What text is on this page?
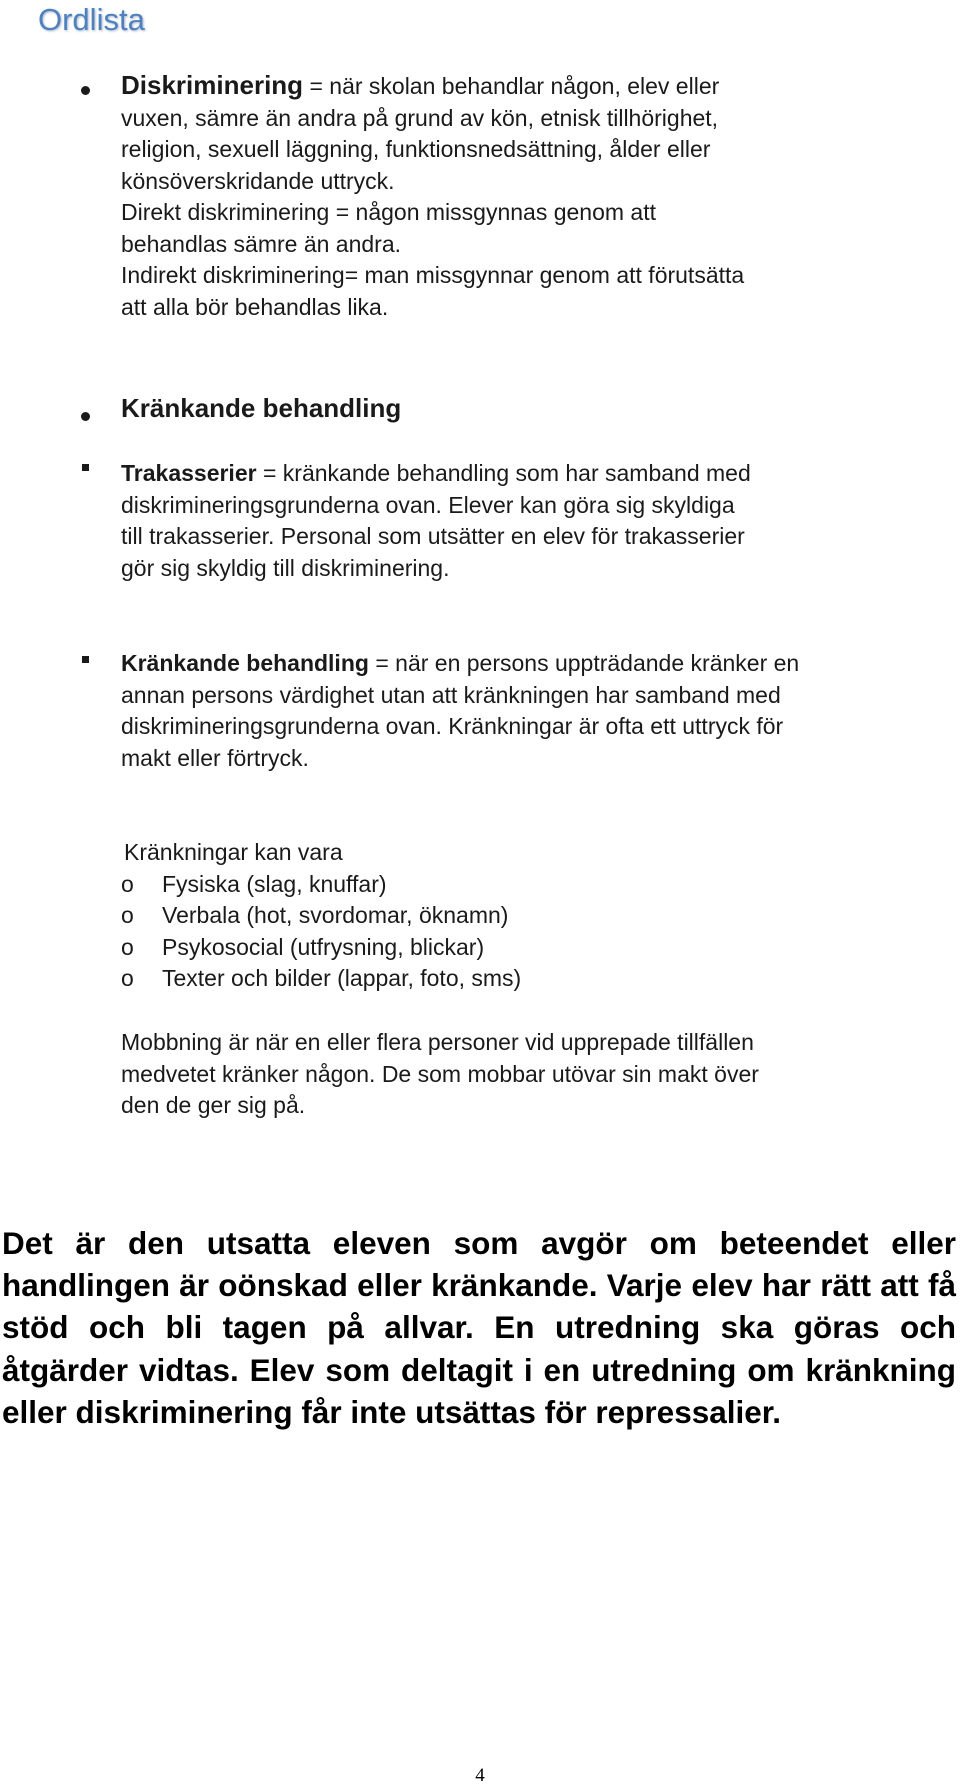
Ordlista
Diskriminering = när skolan behandlar någon, elev eller vuxen, sämre än andra på grund av kön, etnisk tillhörighet, religion, sexuell läggning, funktionsnedsättning, ålder eller könsöverskridande uttryck.
Direkt diskriminering = någon missgynnas genom att behandlas sämre än andra.
Indirekt diskriminering= man missgynnar genom att förutsätta att alla bör behandlas lika.
Kränkande behandling
Trakasserier = kränkande behandling som har samband med diskrimineringsgrunderna ovan. Elever kan göra sig skyldiga till trakasserier. Personal som utsätter en elev för trakasserier gör sig skyldig till diskriminering.
Kränkande behandling = när en persons uppträdande kränker en annan persons värdighet utan att kränkningen har samband med diskrimineringsgrunderna ovan. Kränkningar är ofta ett uttryck för makt eller förtryck.
Kränkningar kan vara
o Fysiska (slag, knuffar)
o Verbala (hot, svordomar, öknamn)
o Psykosocial (utfrysning, blickar)
o Texter och bilder (lappar, foto, sms)
Mobbning är när en eller flera personer vid upprepade tillfällen medvetet kränker någon. De som mobbar utövar sin makt över den de ger sig på.
Det är den utsatta eleven som avgör om beteendet eller handlingen är oönskad eller kränkande. Varje elev har rätt att få stöd och bli tagen på allvar. En utredning ska göras och åtgärder vidtas. Elev som deltagit i en utredning om kränkning eller diskriminering får inte utsättas för repressalier.
4
